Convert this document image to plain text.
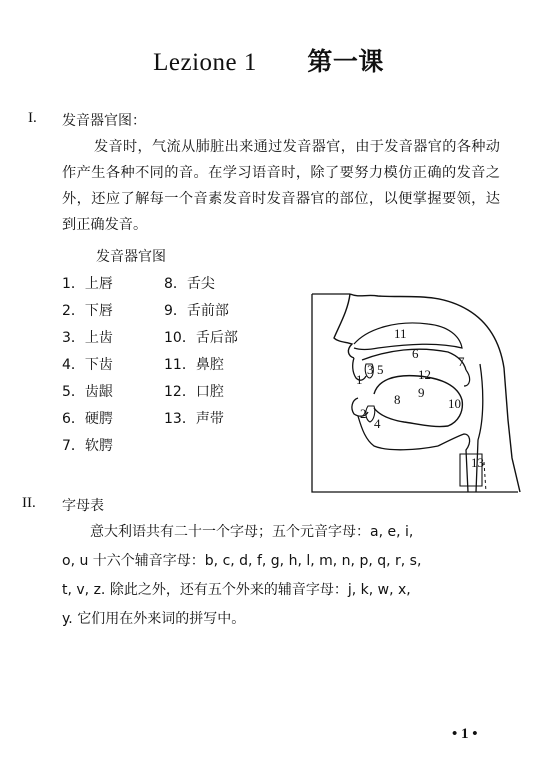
Lezione 1 第一课
I. 发音器官图：
发音时，气流从肺脏出来通过发音器官，由于发音器官的各种动作产生各种不同的音。在学习语音时，除了要努力模仿正确的发音之外，还应了解每一个音素发音时发音器官的部位，以便掌握要领，达到正确发音。
发音器官图
1．上唇
2．下唇
3．上齿
4．下齿
5．齿龈
6．硬腭
7．软腭
8．舌尖
9．舌前部
10．舌后部
11．鼻腔
12．口腔
13．声带
1
2
3
4
5
6
7
8 9
10
11
12
13
II. 字母表
意大利语共有二十一个字母；五个元音字母：a, e, i,
o, u 十六个辅音字母：b, c, d, f, g, h, l, m, n, p, q, r, s,
t, v, z. 除此之外，还有五个外来的辅音字母：j, k, w, x,
y. 它们用在外来词的拼写中。
• 1 •
